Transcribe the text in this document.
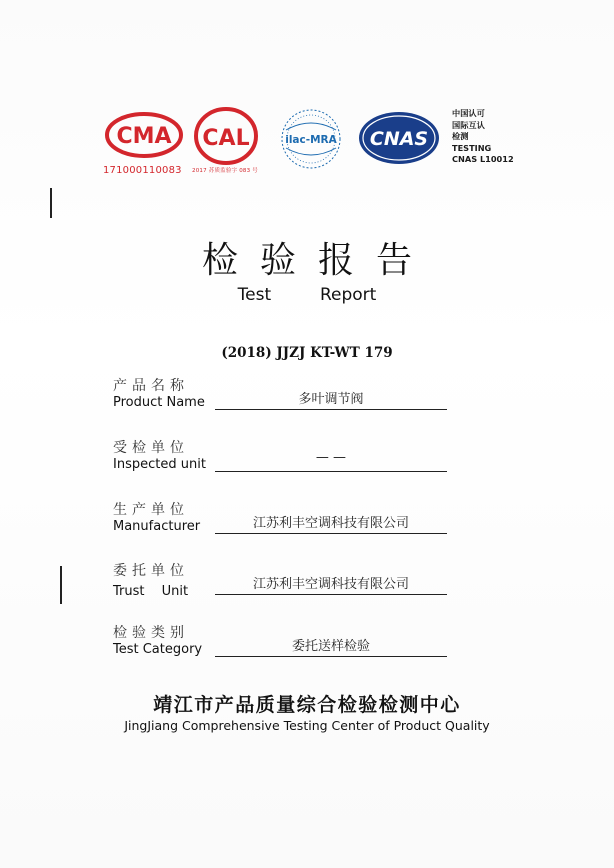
CMA
171000110083
CAL
2017 苏质监验字 083 号
ilac-MRA CNAS
中国认可
国际互认
检测
TESTING
CNAS L10012
检验报告
Test	Report
(2018) JJZJ KT-WT 179
产品名称
Product Name	多叶调节阀
受检单位
Inspected unit	— —
生产单位
Manufacturer	江苏利丰空调科技有限公司
委托单位
Trust　 Unit	江苏利丰空调科技有限公司
检验类别
Test Category	委托送样检验
靖江市产品质量综合检验检测中心
JingJiang Comprehensive Testing Center of Product Quality
